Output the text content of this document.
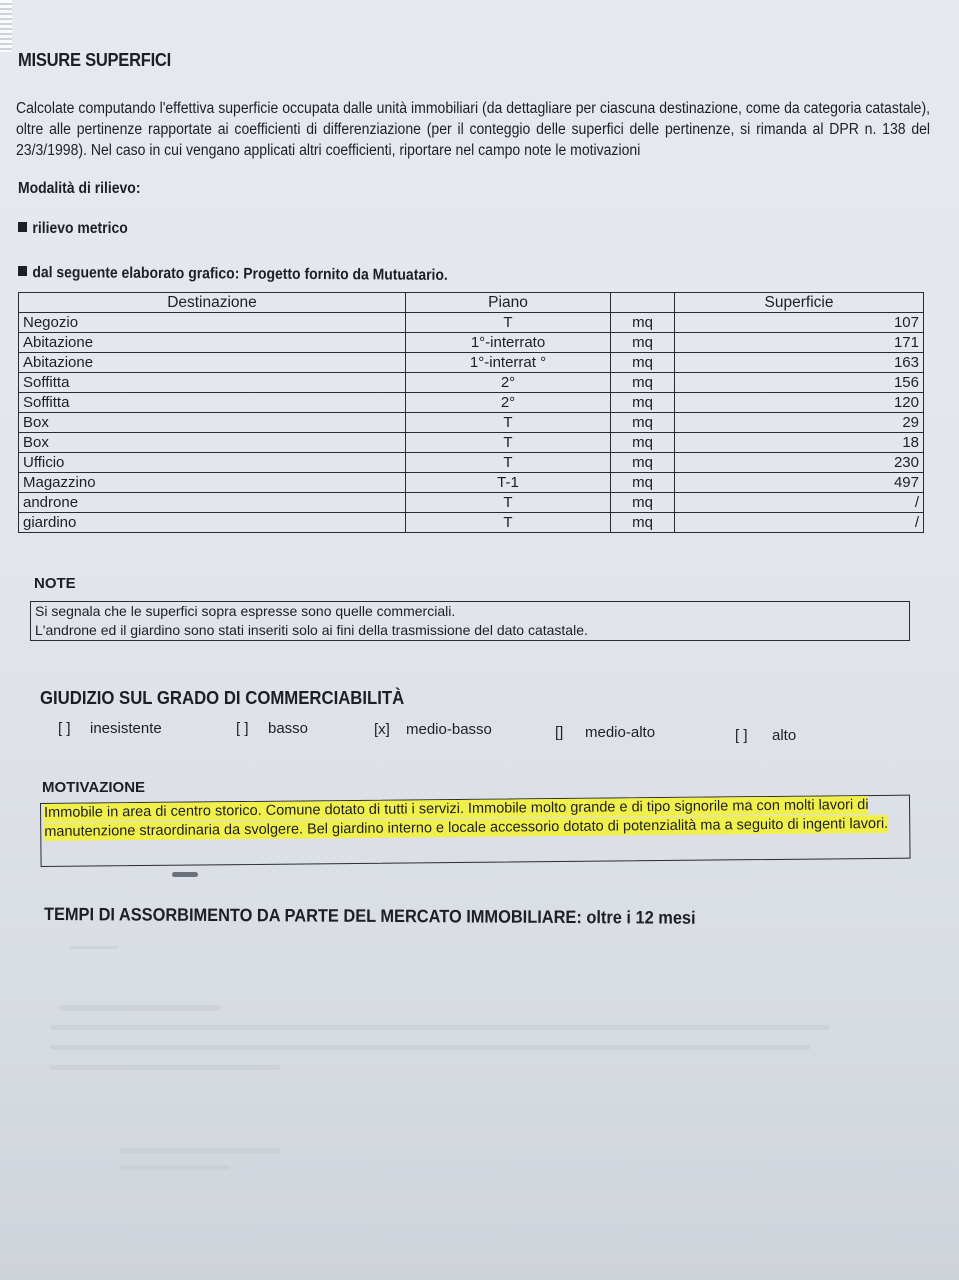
MISURE SUPERFICI
Calcolate computando l'effettiva superficie occupata dalle unità immobiliari (da dettagliare per ciascuna destinazione, come da categoria catastale), oltre alle pertinenze rapportate ai coefficienti di differenziazione (per il conteggio delle superfici delle pertinenze, si rimanda al DPR n. 138 del 23/3/1998). Nel caso in cui vengano applicati altri coefficienti, riportare nel campo note le motivazioni
Modalità di rilievo:
rilievo metrico
dal seguente elaborato grafico: Progetto fornito da Mutuatario.
Destinazione	Piano		Superficie
Negozio	T	mq	107
Abitazione	1°-interrato	mq	171
Abitazione	1°-interrat °	mq	163
Soffitta	2°	mq	156
Soffitta	2°	mq	120
Box	T	mq	29
Box	T	mq	18
Ufficio	T	mq	230
Magazzino	T-1	mq	497
androne	T	mq	/
giardino	T	mq	/
NOTE
Si segnala che le superfici sopra espresse sono quelle commerciali.
L'androne ed il giardino sono stati inseriti solo ai fini della trasmissione del dato catastale.
GIUDIZIO SUL GRADO DI COMMERCIABILITÀ
[ ] inesistente	[ ] basso	[x] medio-basso	[] medio-alto	[ ] alto
MOTIVAZIONE
Immobile in area di centro storico. Comune dotato di tutti i servizi. Immobile molto grande e di tipo signorile ma con molti lavori di manutenzione straordinaria da svolgere. Bel giardino interno e locale accessorio dotato di potenzialità ma a seguito di ingenti lavori.
TEMPI DI ASSORBIMENTO DA PARTE DEL MERCATO IMMOBILIARE: oltre i 12 mesi
